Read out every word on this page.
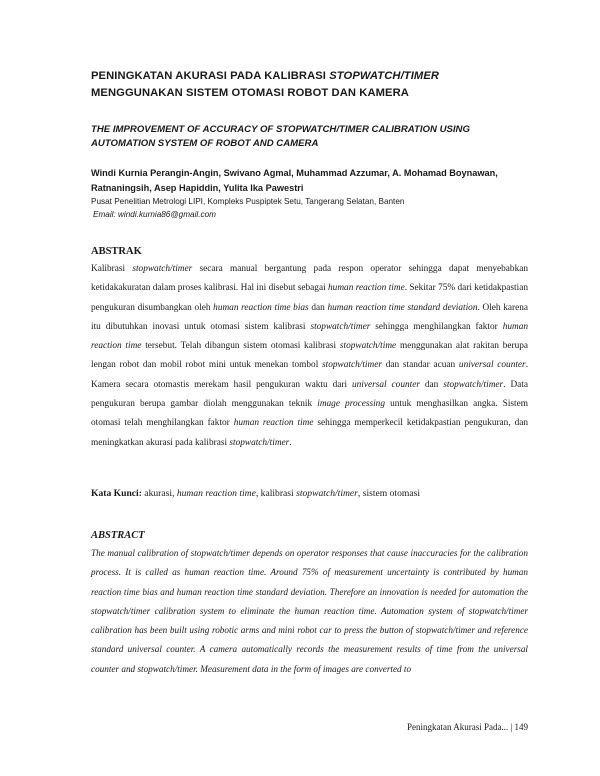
PENINGKATAN AKURASI PADA KALIBRASI STOPWATCH/TIMER
MENGGUNAKAN SISTEM OTOMASI ROBOT DAN KAMERA
THE IMPROVEMENT OF ACCURACY OF STOPWATCH/TIMER CALIBRATION USING AUTOMATION SYSTEM OF ROBOT AND CAMERA
Windi Kurnia Perangin-Angin, Swivano Agmal, Muhammad Azzumar, A. Mohamad Boynawan, Ratnaningsih, Asep Hapiddin, Yulita Ika Pawestri
Pusat Penelitian Metrologi LIPI, Kompleks Puspiptek Setu, Tangerang Selatan, Banten
Email: windi.kurnia86@gmail.com
ABSTRAK
Kalibrasi stopwatch/timer secara manual bergantung pada respon operator sehingga dapat menyebabkan ketidakakuratan dalam proses kalibrasi. Hal ini disebut sebagai human reaction time. Sekitar 75% dari ketidakpastian pengukuran disumbangkan oleh human reaction time bias dan human reaction time standard deviation. Oleh karena itu dibutuhkan inovasi untuk otomasi sistem kalibrasi stopwatch/timer sehingga menghilangkan faktor human reaction time tersebut. Telah dibangun sistem otomasi kalibrasi stopwatch/time menggunakan alat rakitan berupa lengan robot dan mobil robot mini untuk menekan tombol stopwatch/timer dan standar acuan universal counter. Kamera secara otomastis merekam hasil pengukuran waktu dari universal counter dan stopwatch/timer. Data pengukuran berupa gambar diolah menggunakan teknik image processing untuk menghasilkan angka. Sistem otomasi telah menghilangkan faktor human reaction time sehingga memperkecil ketidakpastian pengukuran, dan meningkatkan akurasi pada kalibrasi stopwatch/timer.
Kata Kunci: akurasi, human reaction time, kalibrasi stopwatch/timer, sistem otomasi
ABSTRACT
The manual calibration of stopwatch/timer depends on operator responses that cause inaccuracies for the calibration process. It is called as human reaction time. Around 75% of measurement uncertainty is contributed by human reaction time bias and human reaction time standard deviation. Therefore an innovation is needed for automation the stopwatch/timer calibration system to eliminate the human reaction time. Automation system of stopwatch/timer calibration has been built using robotic arms and mini robot car to press the button of stopwatch/timer and reference standard universal counter. A camera automatically records the measurement results of time from the universal counter and stopwatch/timer. Measurement data in the form of images are converted to
Peningkatan Akurasi Pada... | 149
